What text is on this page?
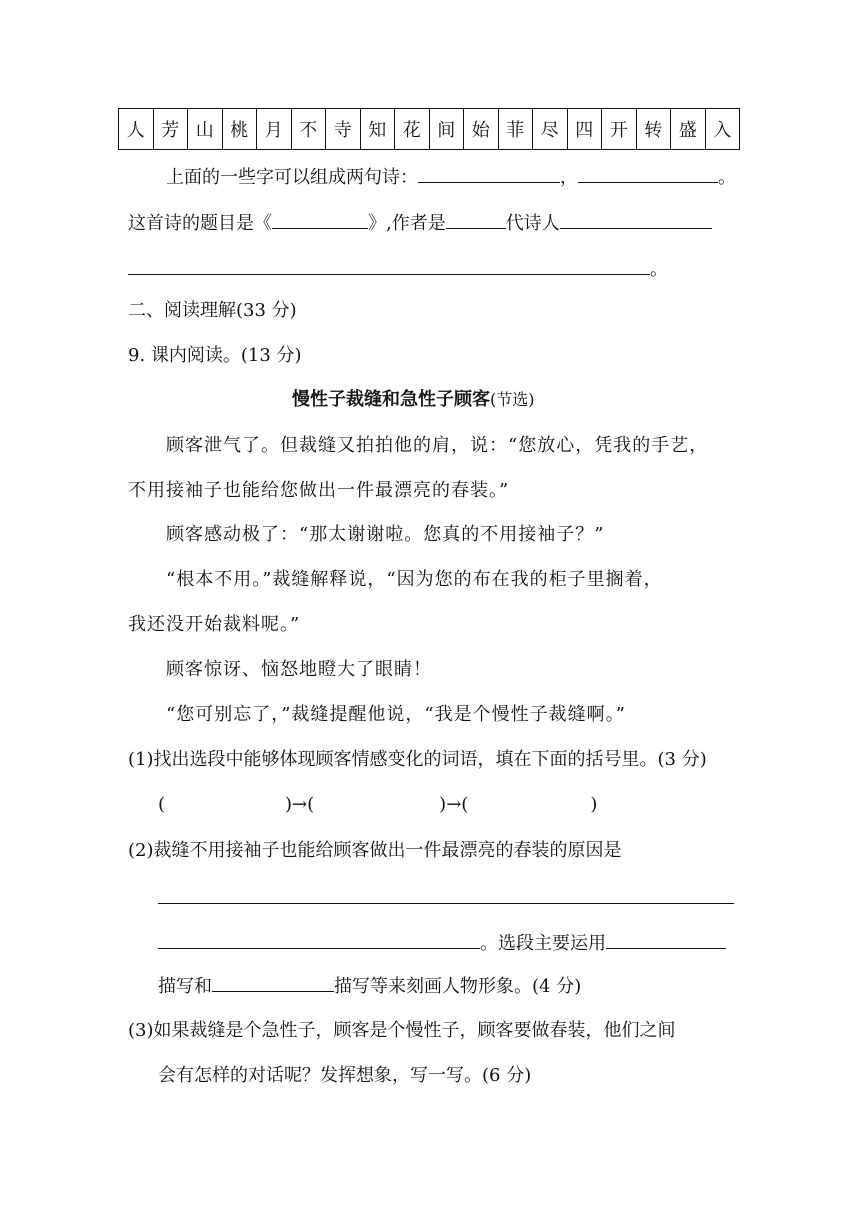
人	芳	山	桃	月	不	寺	知	花	间	始	菲	尽	四	开	转	盛	入
上面的一些字可以组成两句诗：	，	。
这首诗的题目是《	》,作者是	代诗人
。
二、阅读理解(33 分)
9. 课内阅读。(13 分)
慢性子裁缝和急性子顾客(节选)
顾客泄气了。但裁缝又拍拍他的肩，说：“您放心，凭我的手艺，
不用接袖子也能给您做出一件最漂亮的春装。”
顾客感动极了：“那太谢谢啦。您真的不用接袖子？”
“根本不用。”裁缝解释说，“因为您的布在我的柜子里搁着，
我还没开始裁料呢。”
顾客惊讶、恼怒地瞪大了眼睛！
“您可别忘了，”裁缝提醒他说，“我是个慢性子裁缝啊。”
(1)找出选段中能够体现顾客情感变化的词语，填在下面的括号里。(3 分)
(	)→(	)→(	)
(2)裁缝不用接袖子也能给顾客做出一件最漂亮的春装的原因是
。选段主要运用
描写和	描写等来刻画人物形象。(4 分)
(3)如果裁缝是个急性子，顾客是个慢性子，顾客要做春装，他们之间
会有怎样的对话呢？发挥想象，写一写。(6 分)
